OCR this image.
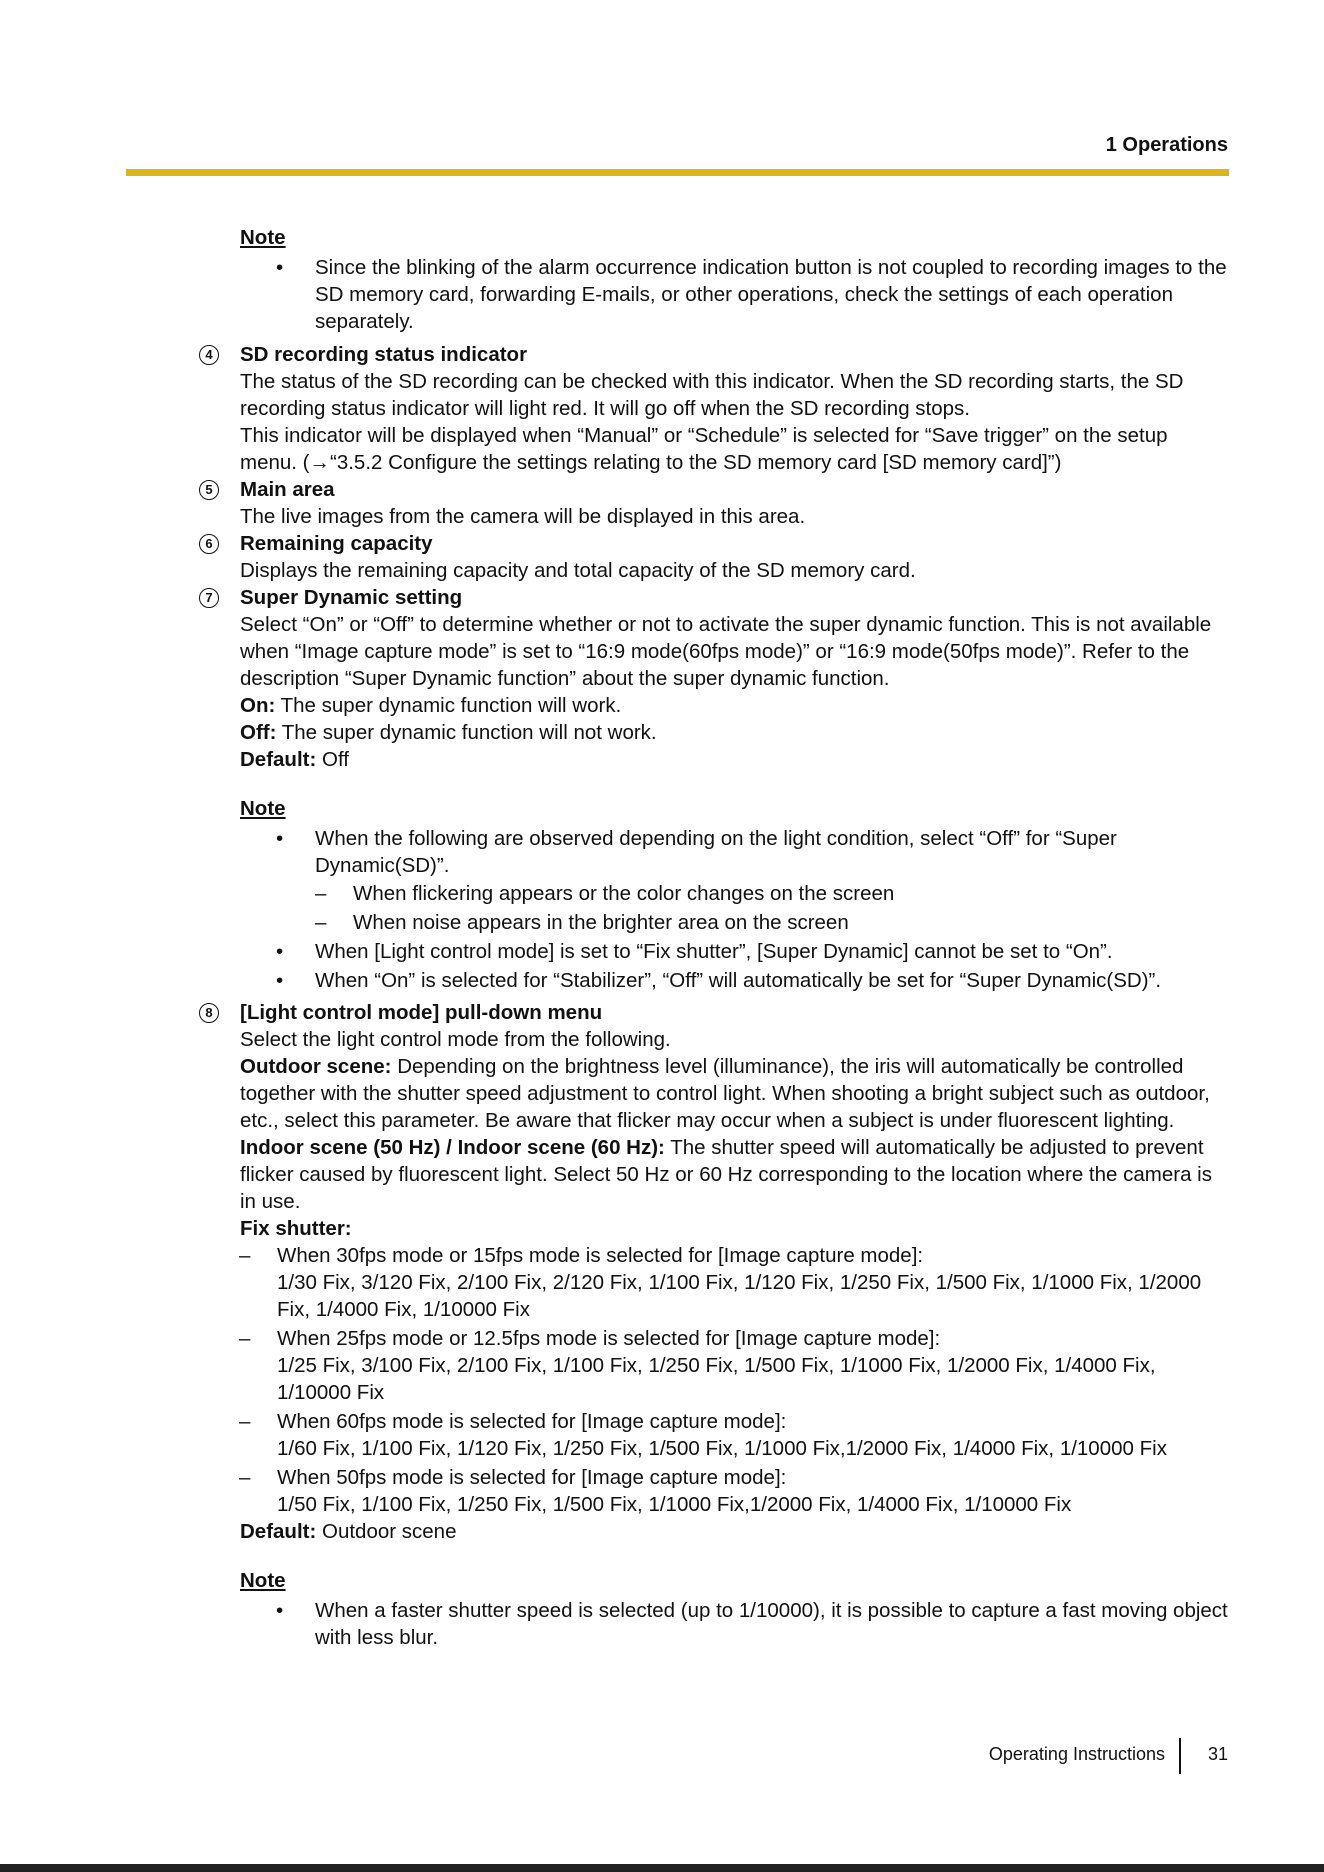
1 Operations
Note
• Since the blinking of the alarm occurrence indication button is not coupled to recording images to the SD memory card, forwarding E-mails, or other operations, check the settings of each operation separately.
4	SD recording status indicator
The status of the SD recording can be checked with this indicator. When the SD recording starts, the SD recording status indicator will light red. It will go off when the SD recording stops.
This indicator will be displayed when “Manual” or “Schedule” is selected for “Save trigger” on the setup menu. (→“3.5.2 Configure the settings relating to the SD memory card [SD memory card]”)
5	Main area
The live images from the camera will be displayed in this area.
6	Remaining capacity
Displays the remaining capacity and total capacity of the SD memory card.
7	Super Dynamic setting
Select “On” or “Off” to determine whether or not to activate the super dynamic function. This is not available when “Image capture mode” is set to “16:9 mode(60fps mode)” or “16:9 mode(50fps mode)”. Refer to the description “Super Dynamic function” about the super dynamic function.
On: The super dynamic function will work.
Off: The super dynamic function will not work.
Default: Off
Note
• When the following are observed depending on the light condition, select “Off” for “Super Dynamic(SD)”.
– When flickering appears or the color changes on the screen
– When noise appears in the brighter area on the screen
• When [Light control mode] is set to “Fix shutter”, [Super Dynamic] cannot be set to “On”.
• When “On” is selected for “Stabilizer”, “Off” will automatically be set for “Super Dynamic(SD)”.
8	[Light control mode] pull-down menu
Select the light control mode from the following.
Outdoor scene: Depending on the brightness level (illuminance), the iris will automatically be controlled together with the shutter speed adjustment to control light. When shooting a bright subject such as outdoor, etc., select this parameter. Be aware that flicker may occur when a subject is under fluorescent lighting.
Indoor scene (50 Hz) / Indoor scene (60 Hz): The shutter speed will automatically be adjusted to prevent flicker caused by fluorescent light. Select 50 Hz or 60 Hz corresponding to the location where the camera is in use.
Fix shutter:
– When 30fps mode or 15fps mode is selected for [Image capture mode]:
1/30 Fix, 3/120 Fix, 2/100 Fix, 2/120 Fix, 1/100 Fix, 1/120 Fix, 1/250 Fix, 1/500 Fix, 1/1000 Fix, 1/2000 Fix, 1/4000 Fix, 1/10000 Fix
– When 25fps mode or 12.5fps mode is selected for [Image capture mode]:
1/25 Fix, 3/100 Fix, 2/100 Fix, 1/100 Fix, 1/250 Fix, 1/500 Fix, 1/1000 Fix, 1/2000 Fix, 1/4000 Fix, 1/10000 Fix
– When 60fps mode is selected for [Image capture mode]:
1/60 Fix, 1/100 Fix, 1/120 Fix, 1/250 Fix, 1/500 Fix, 1/1000 Fix,1/2000 Fix, 1/4000 Fix, 1/10000 Fix
– When 50fps mode is selected for [Image capture mode]:
1/50 Fix, 1/100 Fix, 1/250 Fix, 1/500 Fix, 1/1000 Fix,1/2000 Fix, 1/4000 Fix, 1/10000 Fix
Default: Outdoor scene
Note
• When a faster shutter speed is selected (up to 1/10000), it is possible to capture a fast moving object with less blur.
Operating Instructions 31
